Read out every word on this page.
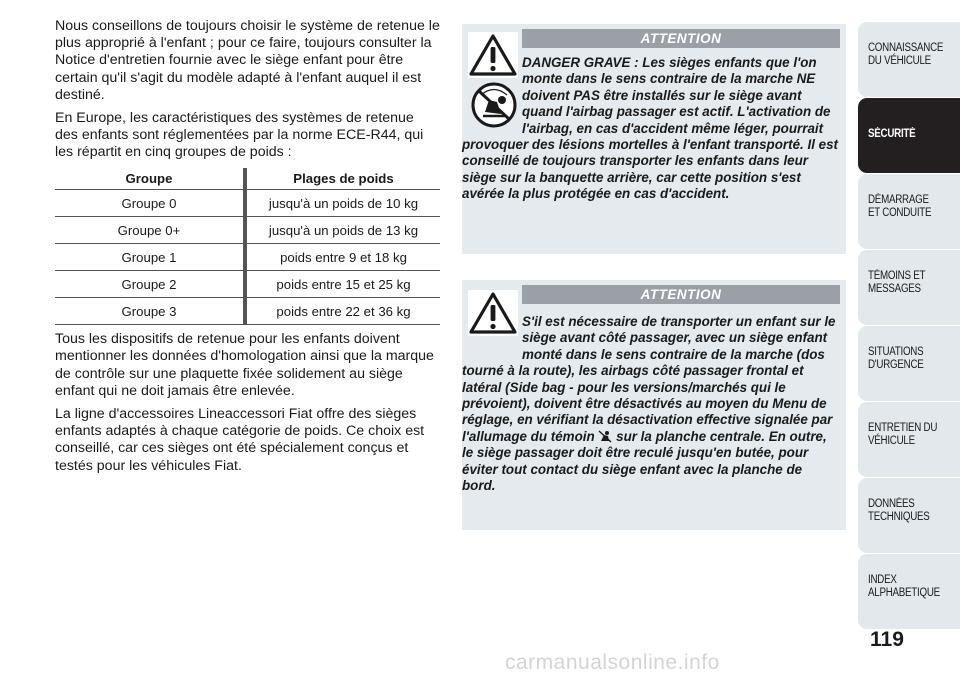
Nous conseillons de toujours choisir le système de retenue le plus approprié à l'enfant ; pour ce faire, toujours consulter la Notice d'entretien fournie avec le siège enfant pour être certain qu'il s'agit du modèle adapté à l'enfant auquel il est destiné.

En Europe, les caractéristiques des systèmes de retenue des enfants sont réglementées par la norme ECE-R44, qui les répartit en cinq groupes de poids :

Groupe	Plages de poids
Groupe 0	jusqu'à un poids de 10 kg
Groupe 0+	jusqu'à un poids de 13 kg
Groupe 1	poids entre 9 et 18 kg
Groupe 2	poids entre 15 et 25 kg
Groupe 3	poids entre 22 et 36 kg

Tous les dispositifs de retenue pour les enfants doivent mentionner les données d'homologation ainsi que la marque de contrôle sur une plaquette fixée solidement au siège enfant qui ne doit jamais être enlevée.

La ligne d'accessoires Lineaccessori Fiat offre des sièges enfants adaptés à chaque catégorie de poids. Ce choix est conseillé, car ces sièges ont été spécialement conçus et testés pour les véhicules Fiat.

ATTENTION
DANGER GRAVE : Les sièges enfants que l'on monte dans le sens contraire de la marche NE doivent PAS être installés sur le siège avant quand l'airbag passager est actif. L'activation de l'airbag, en cas d'accident même léger, pourrait provoquer des lésions mortelles à l'enfant transporté. Il est conseillé de toujours transporter les enfants dans leur siège sur la banquette arrière, car cette position s'est avérée la plus protégée en cas d'accident.
ATTENTION
S'il est nécessaire de transporter un enfant sur le siège avant côté passager, avec un siège enfant monté dans le sens contraire de la marche (dos tourné à la route), les airbags côté passager frontal et latéral (Side bag - pour les versions/marchés qui le prévoient), doivent être désactivés au moyen du Menu de réglage, en vérifiant la désactivation effective signalée par l'allumage du témoin  sur la planche centrale. En outre, le siège passager doit être reculé jusqu'en butée, pour éviter tout contact du siège enfant avec la planche de bord.
CONNAISSANCE DU VÉHICULE
SÉCURITÉ
DÉMARRAGE ET CONDUITE
TÉMOINS ET MESSAGES
SITUATIONS D'URGENCE
ENTRETIEN DU VÉHICULE
DONNÉES TECHNIQUES
INDEX ALPHABETIQUE
119
carmanualsonline.info
